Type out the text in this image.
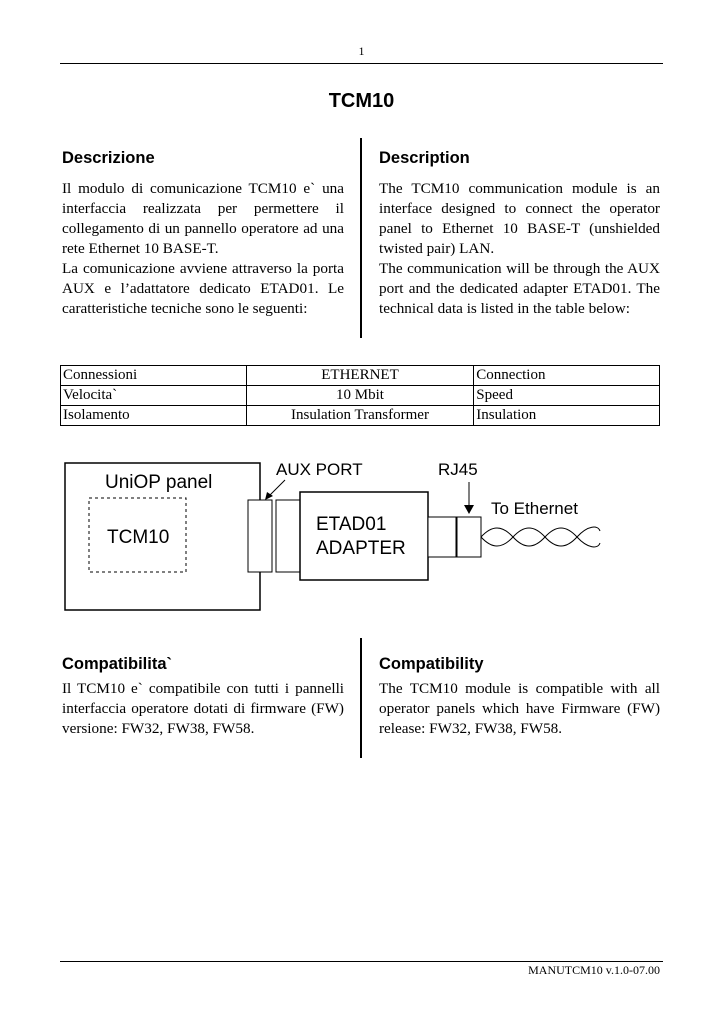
1
TCM10
Descrizione	Description

Il modulo di comunicazione TCM10 e` una interfaccia realizzata per permettere il collegamento di un pannello operatore ad una rete Ethernet 10 BASE-T.
La comunicazione avviene attraverso la porta AUX e l’adattatore dedicato ETAD01. Le caratteristiche tecniche sono le seguenti:

The TCM10 communication module is an interface designed to connect the operator panel to Ethernet 10 BASE-T (unshielded twisted pair) LAN.
The communication will be through the AUX port and the dedicated adapter ETAD01. The technical data is listed in the table below:

Connessioni	ETHERNET	Connection
Velocita`	10 Mbit	Speed
Isolamento	Insulation Transformer	Insulation
UniOP panel
TCM10
AUX PORT
ETAD01
ADAPTER
RJ45
To Ethernet
Compatibilita`	Compatibility

Il TCM10 e` compatibile con tutti i pannelli interfaccia operatore dotati di firmware (FW) versione: FW32, FW38, FW58.

The TCM10 module is compatible with all operator panels which have Firmware (FW) release: FW32, FW38, FW58.

MANUTCM10 v.1.0-07.00
